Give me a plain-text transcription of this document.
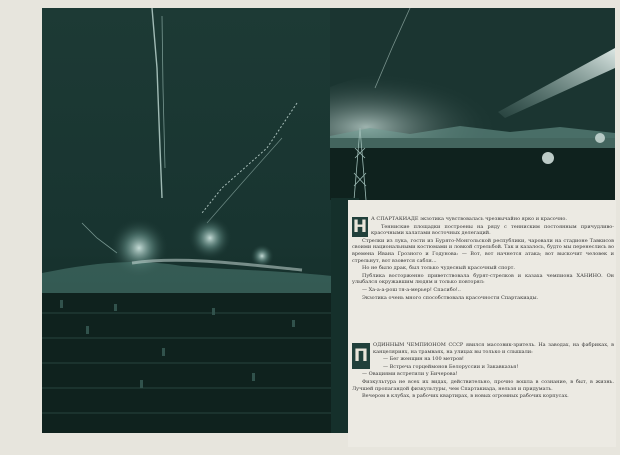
Н А СПАРТАКИАДЕ экзотика чувствовалась чрезвычайно ярко и красочно.

Тенниские площадки построены на ряду с тенниским постоянным причудливо-красочными халатами восточных делегаций.

Стрелки из лука, гости из Бурято-Монгольской республики, чаровали на стадионе Тавкисов своими национальными костюмами и ловкой стрельбой. Так и казалось, будто мы перенеслись во времена Ивана Грозного и Годунова: — Вот, вот начнется атака; вот выскочит человек и стрельнут, вот взовется сабля...

Но не было драк, был только чудесный красочный спорт.

Публика восторженно приветствовала бурят-стрелков и казаха чемпиона ХАНИНО. Он улыбался окружавшим людям и только повторял:

— Ха-а-а-рош тя-а-мерьер! Спасибо!..

Экзотика очень много способствовала красочности Спартакиады.

П

ОДИННЫМ ЧЕМПИОНОМ СССР явился массовик-зритель. На заводах, на фабриках, в канцеляриях, на трамваях, на улицах вы только и слышали:

— Бег женщин на 100 метров!

— Встреча горцеймонов Белоруссии и Закавказья!

— Овациями встретили у Бичерова!

Физкультура не всех их видах, действительно, прочно вошла в сознание, в быт, в жизнь. Лучшей пропагандой физкультуры, чем Спартакиада, нельзя и придумать.

Вечером в клубах, в рабочих квартирах, в новых огромных рабочих корпусах.
